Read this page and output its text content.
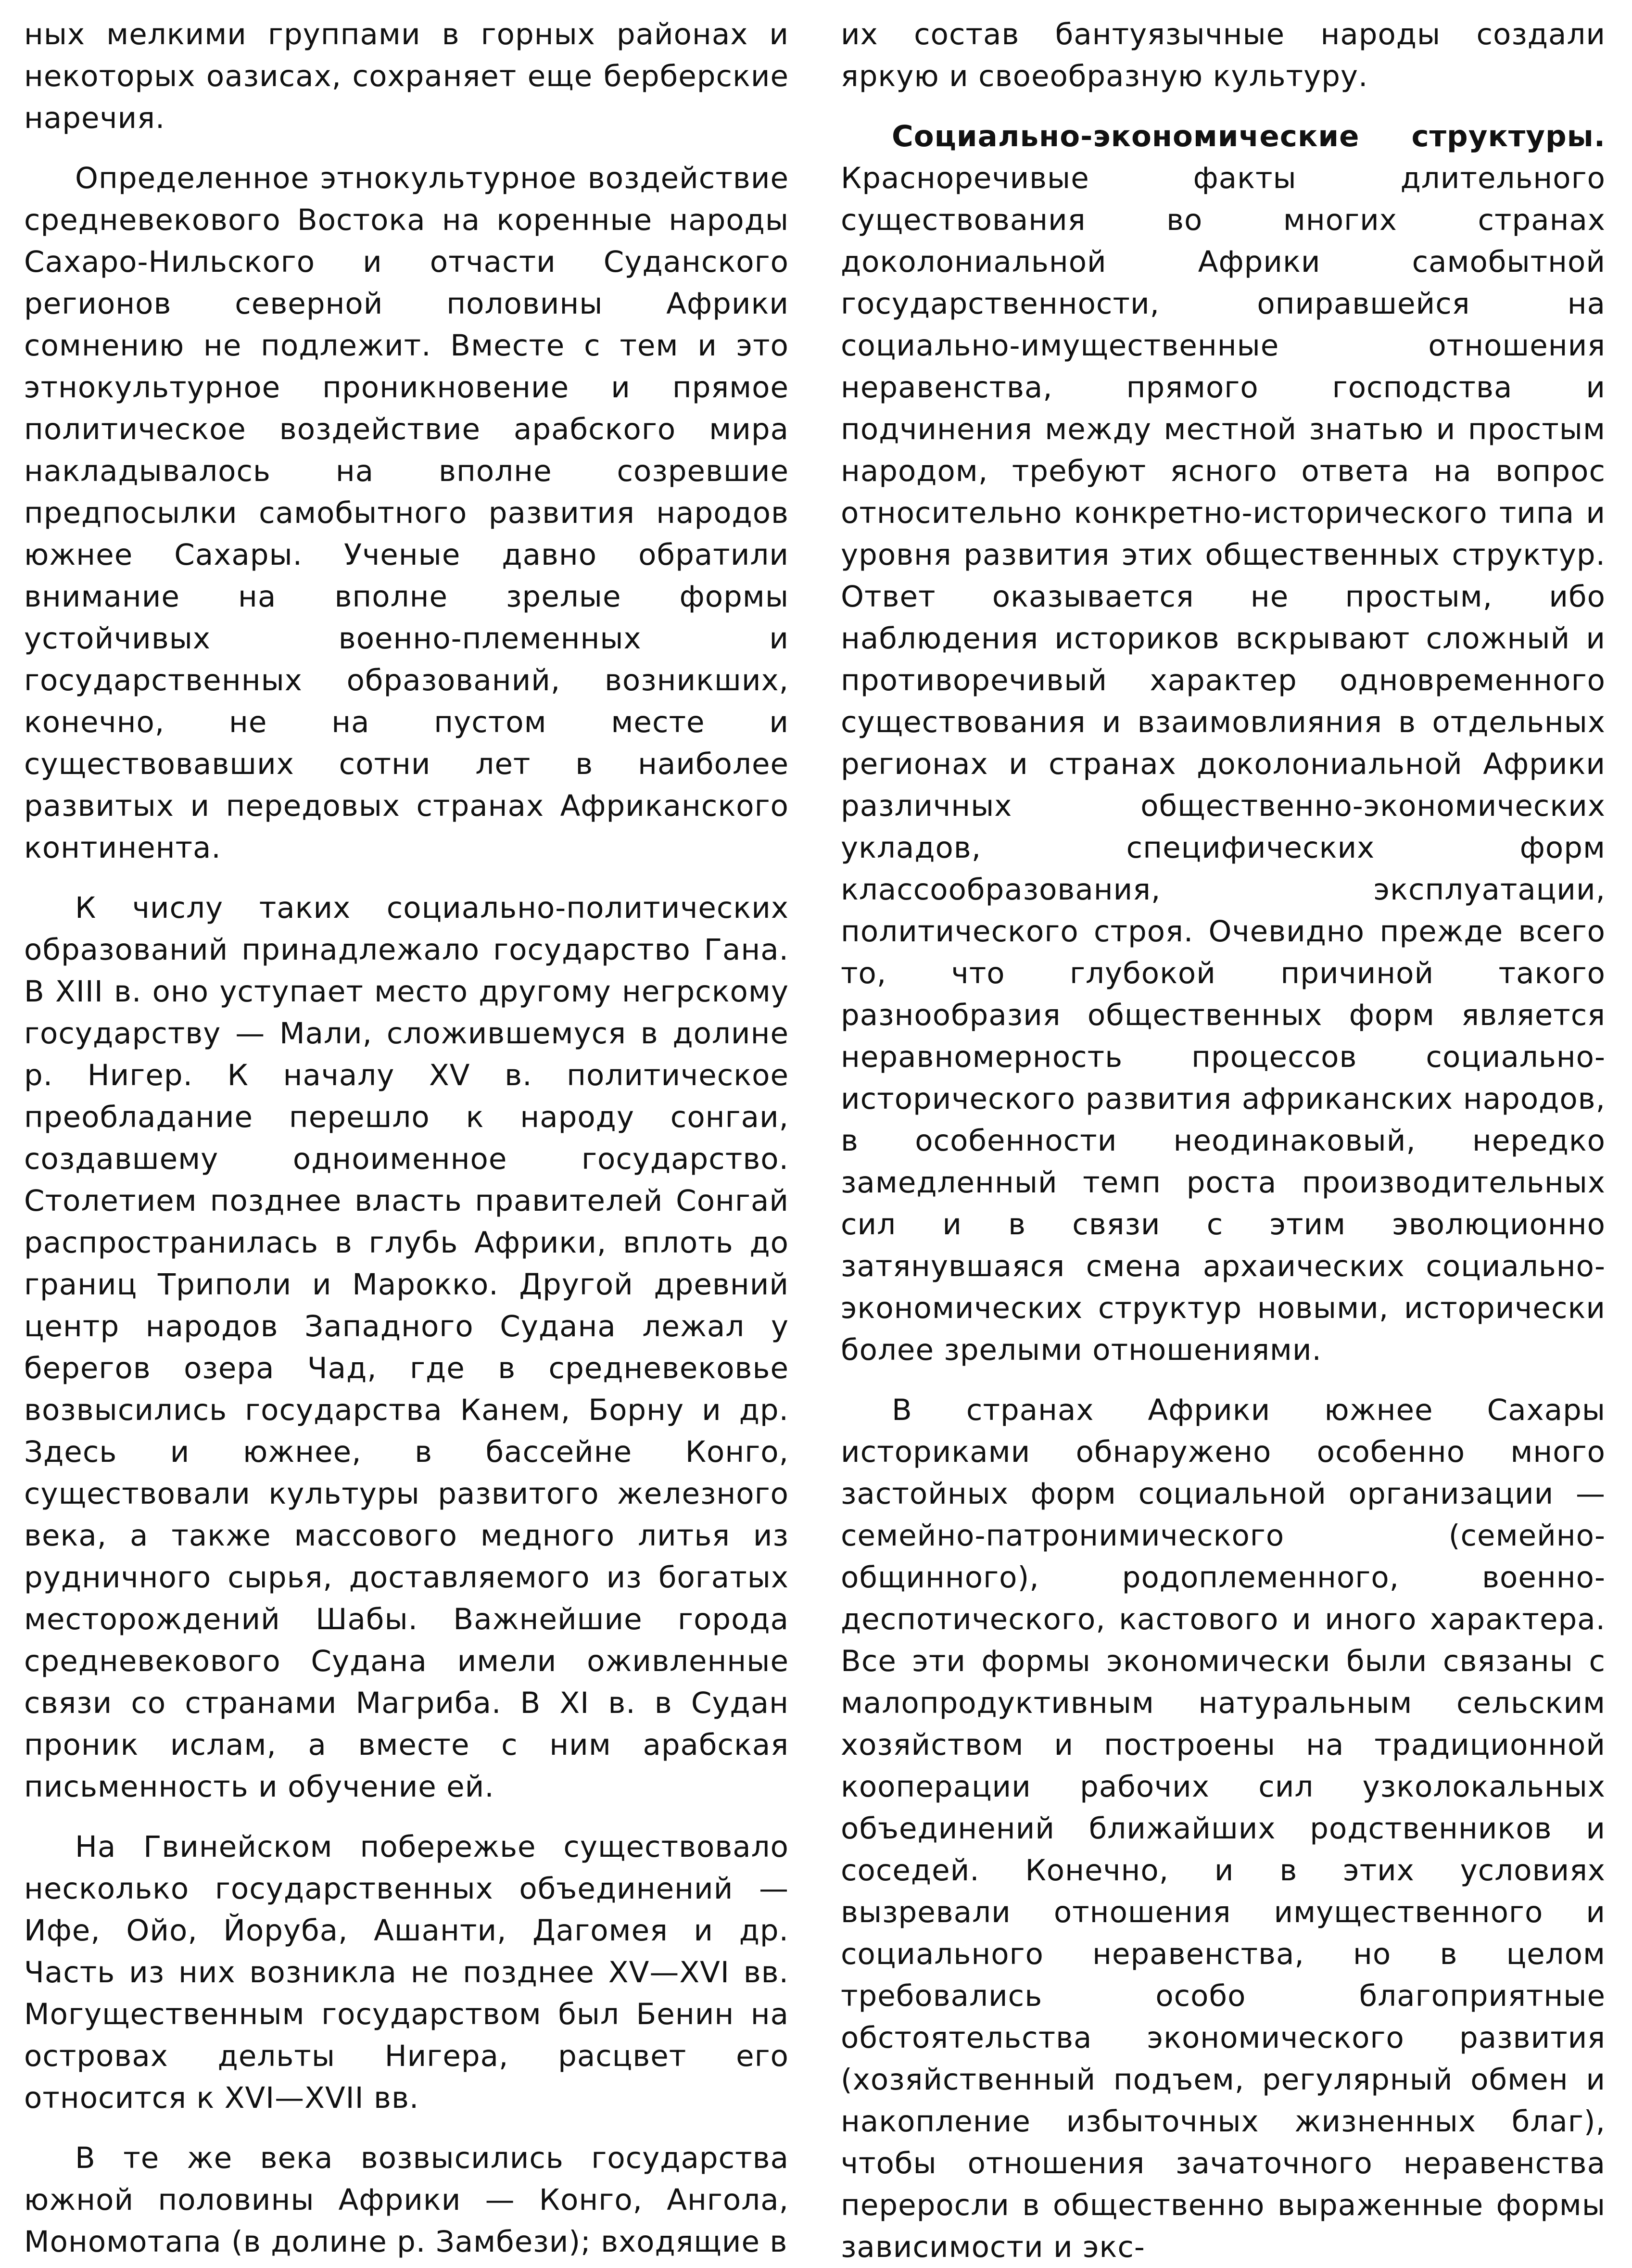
ных мелкими группами в горных районах и некоторых оазисах, сохраняет еще берберские наречия.

Определенное этнокультурное воздействие средневекового Востока на коренные народы Сахаро-Нильского и отчасти Суданского регионов северной половины Африки сомнению не подлежит. Вместе с тем и это этнокультурное проникновение и прямое политическое воздействие арабского мира накладывалось на вполне созревшие предпосылки самобытного развития народов южнее Сахары. Ученые давно обратили внимание на вполне зрелые формы устойчивых военно-племенных и государственных образований, возникших, конечно, не на пустом месте и существовавших сотни лет в наиболее развитых и передовых странах Африканского континента.

К числу таких социально-политических образований принадлежало государство Гана. В XIII в. оно уступает место другому негрскому государству — Мали, сложившемуся в долине р. Нигер. К началу XV в. политическое преобладание перешло к народу сонгаи, создавшему одноименное государство. Столетием позднее власть правителей Сонгай распространилась в глубь Африки, вплоть до границ Триполи и Марокко. Другой древний центр народов Западного Судана лежал у берегов озера Чад, где в средневековье возвысились государства Канем, Борну и др. Здесь и южнее, в бассейне Конго, существовали культуры развитого железного века, а также массового медного литья из рудничного сырья, доставляемого из богатых месторождений Шабы. Важнейшие города средневекового Судана имели оживленные связи со странами Магриба. В XI в. в Судан проник ислам, а вместе с ним арабская письменность и обучение ей.

На Гвинейском побережье существовало несколько государственных объединений — Ифе, Ойо, Йоруба, Ашанти, Дагомея и др. Часть из них возникла не позднее XV—XVI вв. Могущественным государством был Бенин на островах дельты Нигера, расцвет его относится к XVI—XVII вв.

В те же века возвысились государства южной половины Африки — Конго, Ангола, Мономотапа (в долине р. Замбези); входящие в

их состав бантуязычные народы создали яркую и своеобразную культуру.

Социально-экономические структуры. Красноречивые факты длительного существования во многих странах доколониальной Африки самобытной государственности, опиравшейся на социально-имущественные отношения неравенства, прямого господства и подчинения между местной знатью и простым народом, требуют ясного ответа на вопрос относительно конкретно-исторического типа и уровня развития этих общественных структур. Ответ оказывается не простым, ибо наблюдения историков вскрывают сложный и противоречивый характер одновременного существования и взаимовлияния в отдельных регионах и странах доколониальной Африки различных общественно-экономических укладов, специфических форм классообразования, эксплуатации, политического строя. Очевидно прежде всего то, что глубокой причиной такого разнообразия общественных форм является неравномерность процессов социально-исторического развития африканских народов, в особенности неодинаковый, нередко замедленный темп роста производительных сил и в связи с этим эволюционно затянувшаяся смена архаических социально-экономических структур новыми, исторически более зрелыми отношениями.

В странах Африки южнее Сахары историками обнаружено особенно много застойных форм социальной организации — семейно-патронимического (семейно-общинного), родоплеменного, военно-деспотического, кастового и иного характера. Все эти формы экономически были связаны с малопродуктивным натуральным сельским хозяйством и построены на традиционной кооперации рабочих сил узколокальных объединений ближайших родственников и соседей. Конечно, и в этих условиях вызревали отношения имущественного и социального неравенства, но в целом требовались особо благоприятные обстоятельства экономического развития (хозяйственный подъем, регулярный обмен и накопление избыточных жизненных благ), чтобы отношения зачаточного неравенства переросли в общественно выраженные формы зависимости и экс-
